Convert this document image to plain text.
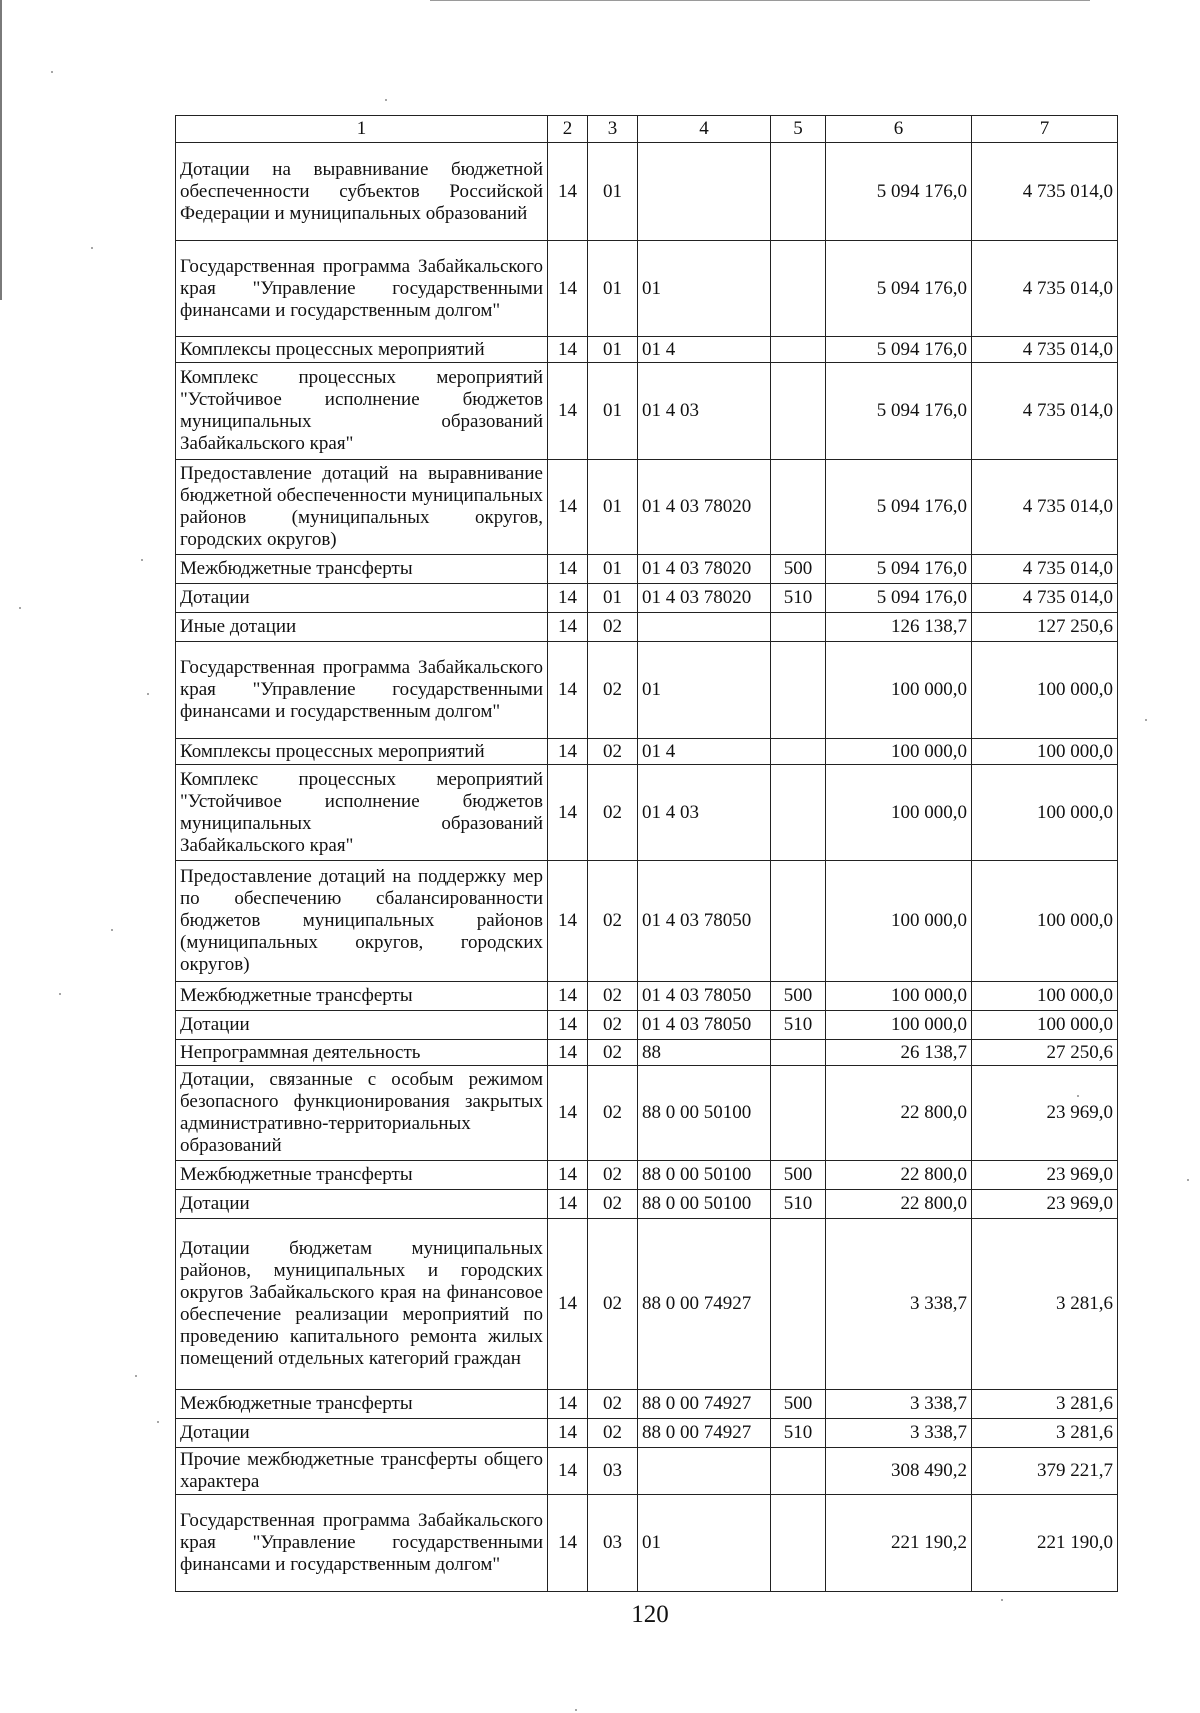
1	2	3	4	5	6	7
Дотации на выравнивание бюджетной обеспеченности субъектов Российской Федерации и муниципальных образований	14	01			5 094 176,0	4 735 014,0
Государственная программа Забайкальского края "Управление государственными финансами и государственным долгом"	14	01	01		5 094 176,0	4 735 014,0
Комплексы процессных мероприятий	14	01	01 4		5 094 176,0	4 735 014,0
Комплекс процессных мероприятий "Устойчивое исполнение бюджетов муниципальных образований Забайкальского края"	14	01	01 4 03		5 094 176,0	4 735 014,0
Предоставление дотаций на выравнивание бюджетной обеспеченности муниципальных районов (муниципальных округов, городских округов)	14	01	01 4 03 78020		5 094 176,0	4 735 014,0
Межбюджетные трансферты	14	01	01 4 03 78020	500	5 094 176,0	4 735 014,0
Дотации	14	01	01 4 03 78020	510	5 094 176,0	4 735 014,0
Иные дотации	14	02			126 138,7	127 250,6
Государственная программа Забайкальского края "Управление государственными финансами и государственным долгом"	14	02	01		100 000,0	100 000,0
Комплексы процессных мероприятий	14	02	01 4		100 000,0	100 000,0
Комплекс процессных мероприятий "Устойчивое исполнение бюджетов муниципальных образований Забайкальского края"	14	02	01 4 03		100 000,0	100 000,0
Предоставление дотаций на поддержку мер по обеспечению сбалансированности бюджетов муниципальных районов (муниципальных округов, городских округов)	14	02	01 4 03 78050		100 000,0	100 000,0
Межбюджетные трансферты	14	02	01 4 03 78050	500	100 000,0	100 000,0
Дотации	14	02	01 4 03 78050	510	100 000,0	100 000,0
Непрограммная деятельность	14	02	88		26 138,7	27 250,6
Дотации, связанные с особым режимом безопасного функционирования закрытых административно-территориальных образований	14	02	88 0 00 50100		22 800,0	23 969,0
Межбюджетные трансферты	14	02	88 0 00 50100	500	22 800,0	23 969,0
Дотации	14	02	88 0 00 50100	510	22 800,0	23 969,0
Дотации бюджетам муниципальных районов, муниципальных и городских округов Забайкальского края на финансовое обеспечение реализации мероприятий по проведению капитального ремонта жилых помещений отдельных категорий граждан	14	02	88 0 00 74927		3 338,7	3 281,6
Межбюджетные трансферты	14	02	88 0 00 74927	500	3 338,7	3 281,6
Дотации	14	02	88 0 00 74927	510	3 338,7	3 281,6
Прочие межбюджетные трансферты общего характера	14	03			308 490,2	379 221,7
Государственная программа Забайкальского края "Управление государственными финансами и государственным долгом"	14	03	01		221 190,2	221 190,0
120
